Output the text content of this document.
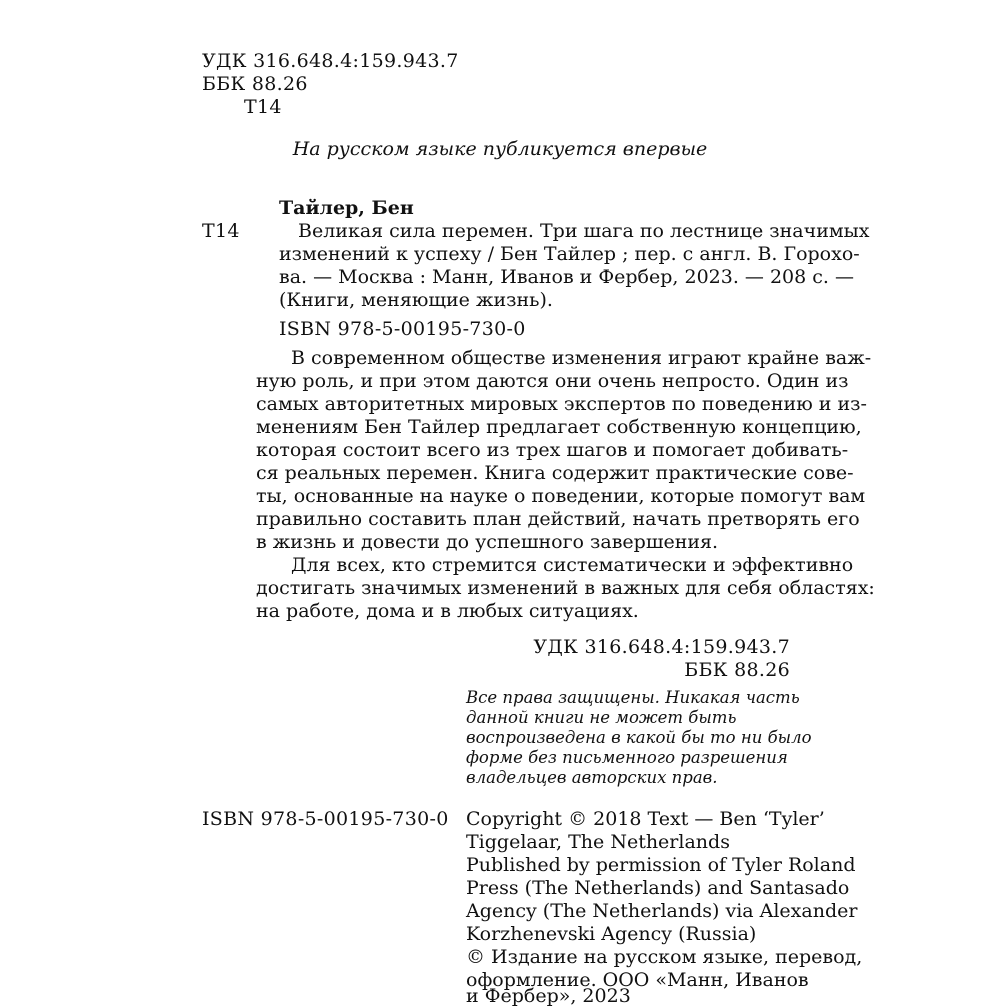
УДК 316.648.4:159.943.7
ББК 88.26
Т14
На русском языке публикуется впервые
Тайлер, Бен
Т14	Великая сила перемен. Три шага по лестнице значимых
изменений к успеху / Бен Тайлер ; пер. с англ. В. Горохо-
ва. — Москва : Манн, Иванов и Фербер, 2023. — 208 с. —
(Книги, меняющие жизнь).
ISBN 978-5-00195-730-0
В современном обществе изменения играют крайне важ-
ную роль, и при этом даются они очень непросто. Один из
самых авторитетных мировых экспертов по поведению и из-
менениям Бен Тайлер предлагает собственную концепцию,
которая состоит всего из трех шагов и помогает добивать-
ся реальных перемен. Книга содержит практические сове-
ты, основанные на науке о поведении, которые помогут вам
правильно составить план действий, начать претворять его
в жизнь и довести до успешного завершения.
Для всех, кто стремится систематически и эффективно
достигать значимых изменений в важных для себя областях:
на работе, дома и в любых ситуациях.
УДК 316.648.4:159.943.7
ББК 88.26
Все права защищены. Никакая часть
данной книги не может быть
воспроизведена в какой бы то ни было
форме без письменного разрешения
владельцев авторских прав.
ISBN 978-5-00195-730-0 Copyright © 2018 Text — Ben ‘Tyler’
Tiggelaar, The Netherlands
Published by permission of Tyler Roland
Press (The Netherlands) and Santasado
Agency (The Netherlands) via Alexander
Korzhenevski Agency (Russia)
© Издание на русском языке, перевод,
оформление. ООО «Манн, Иванов
и Фербер», 2023
